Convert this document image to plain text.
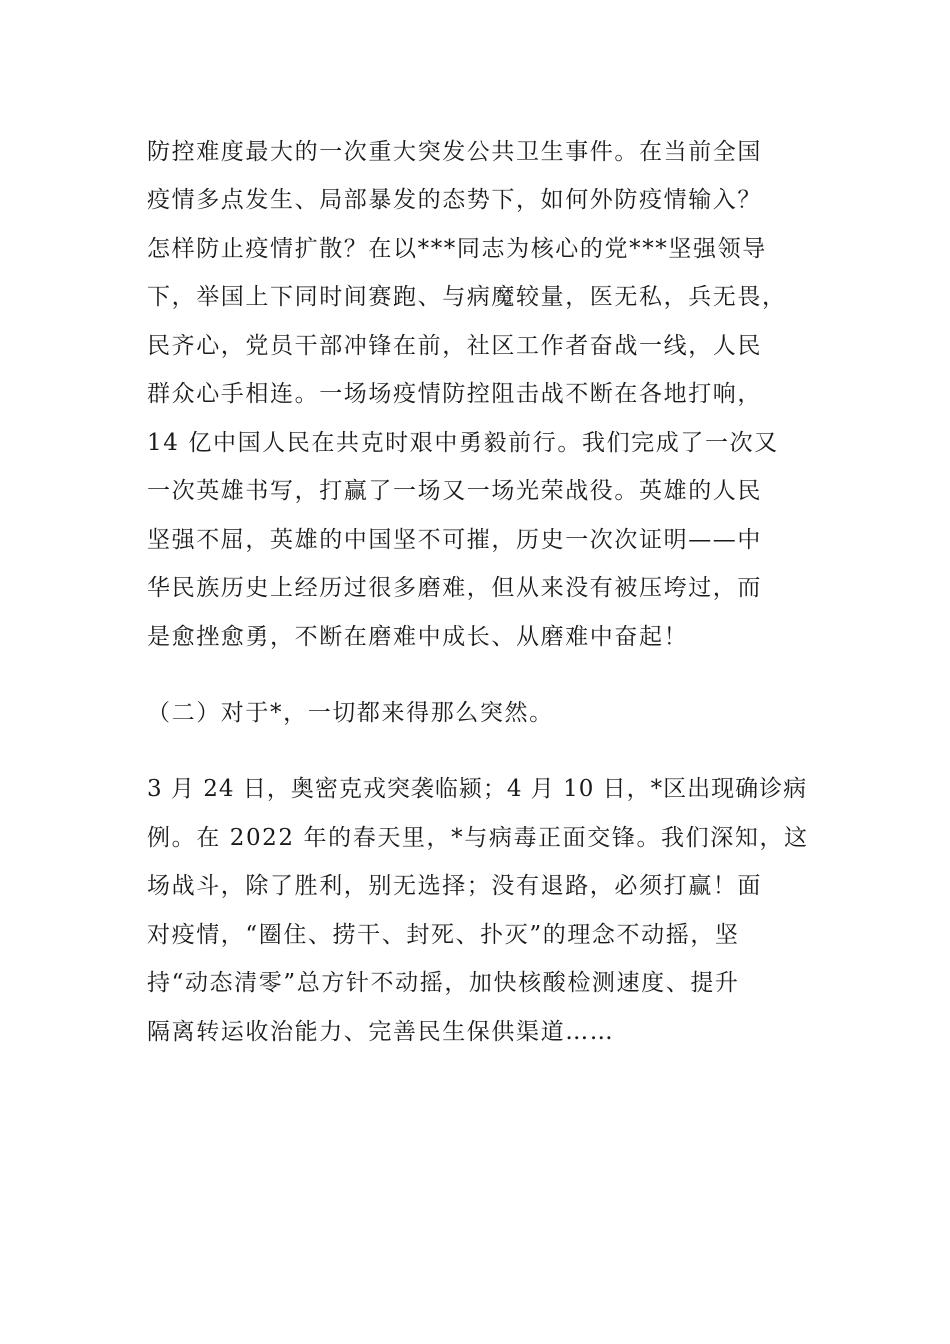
防控难度最大的一次重大突发公共卫生事件。在当前全国
疫情多点发生、局部暴发的态势下，如何外防疫情输入？
怎样防止疫情扩散？在以***同志为核心的党***坚强领导
下，举国上下同时间赛跑、与病魔较量，医无私，兵无畏，
民齐心，党员干部冲锋在前，社区工作者奋战一线，人民
群众心手相连。一场场疫情防控阻击战不断在各地打响，
14 亿中国人民在共克时艰中勇毅前行。我们完成了一次又
一次英雄书写，打赢了一场又一场光荣战役。英雄的人民
坚强不屈，英雄的中国坚不可摧，历史一次次证明——中
华民族历史上经历过很多磨难，但从来没有被压垮过，而
是愈挫愈勇，不断在磨难中成长、从磨难中奋起！
（二）对于*，一切都来得那么突然。
3 月 24 日，奥密克戎突袭临颍；4 月 10 日，*区出现确诊病
例。在 2022 年的春天里，*与病毒正面交锋。我们深知，这
场战斗，除了胜利，别无选择；没有退路，必须打赢！面
对疫情，“圈住、捞干、封死、扑灭”的理念不动摇，坚
持“动态清零”总方针不动摇，加快核酸检测速度、提升
隔离转运收治能力、完善民生保供渠道……
